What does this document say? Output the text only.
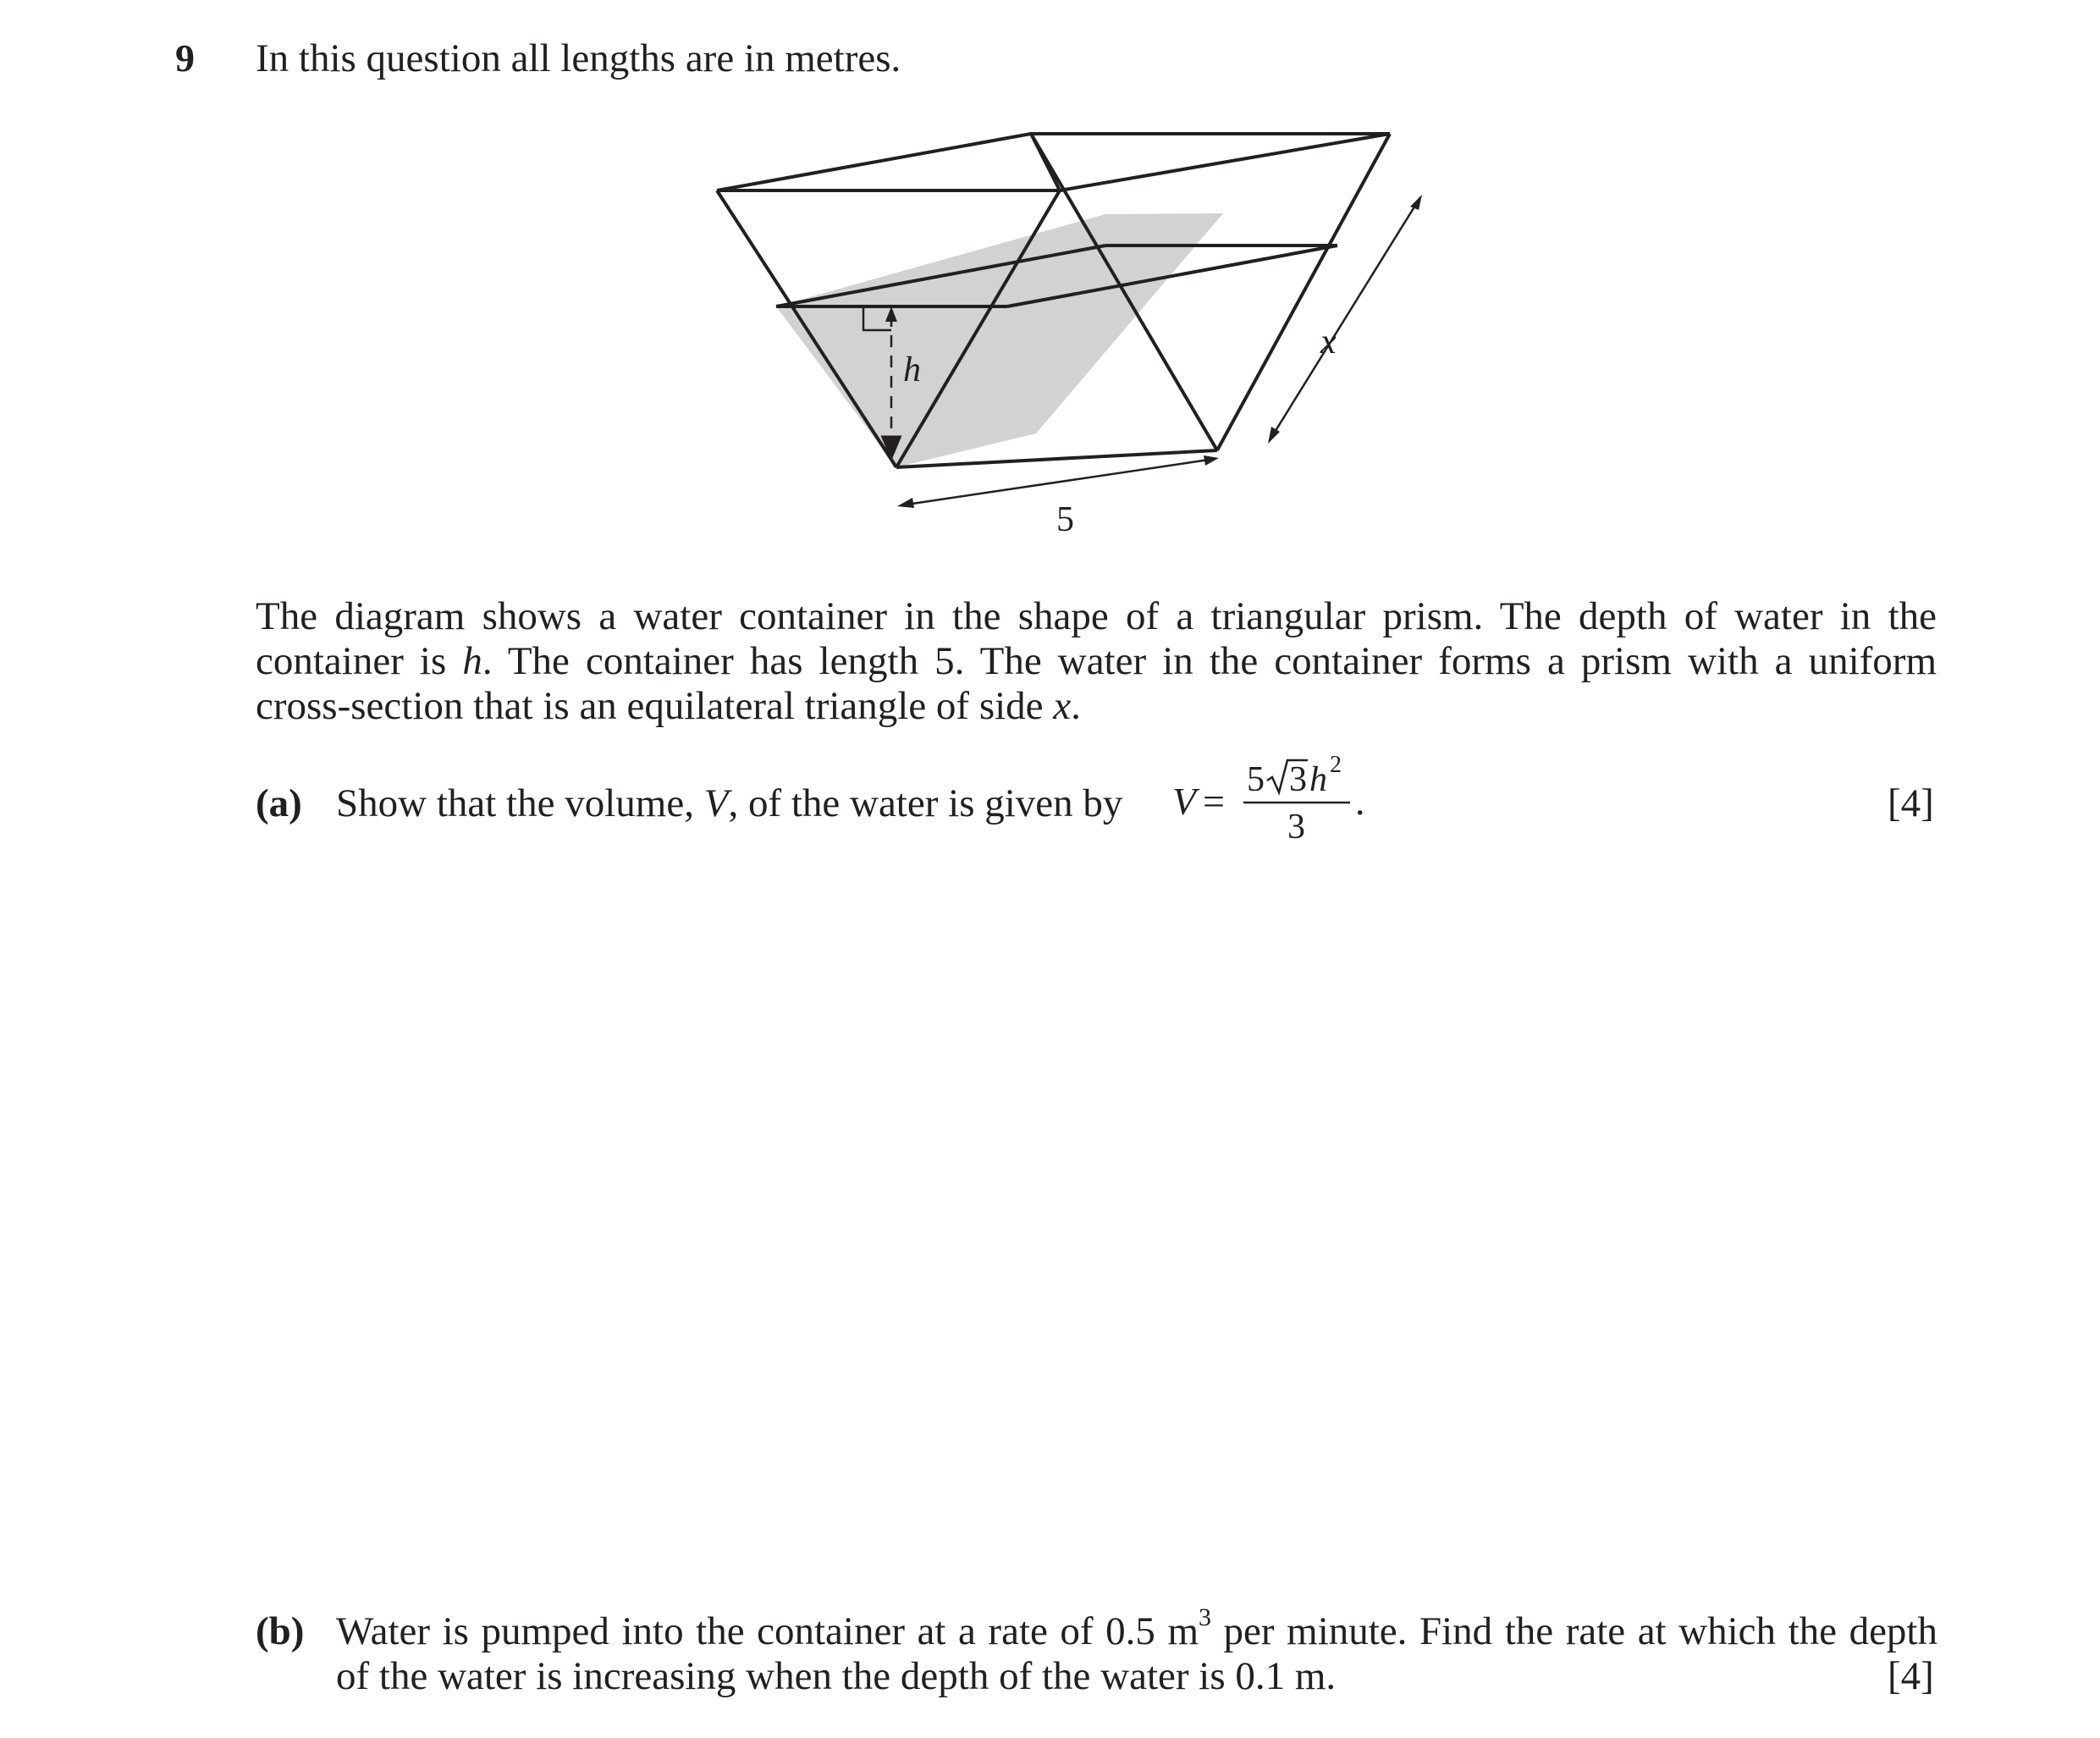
9 In this question all lengths are in metres.
h
x
5
The diagram shows a water container in the shape of a triangular prism. The depth of water in the
container is h. The container has length 5. The water in the container forms a prism with a uniform
cross-section that is an equilateral triangle of side x.
(a) Show that the volume, V, of the water is given by V = 5 3 h 2
3
.	[4]
(b) Water is pumped into the container at a rate of 0.5 $m^3$ per minute. Find the rate at which the depth
of the water is increasing when the depth of the water is 0.1 m.	[4]
